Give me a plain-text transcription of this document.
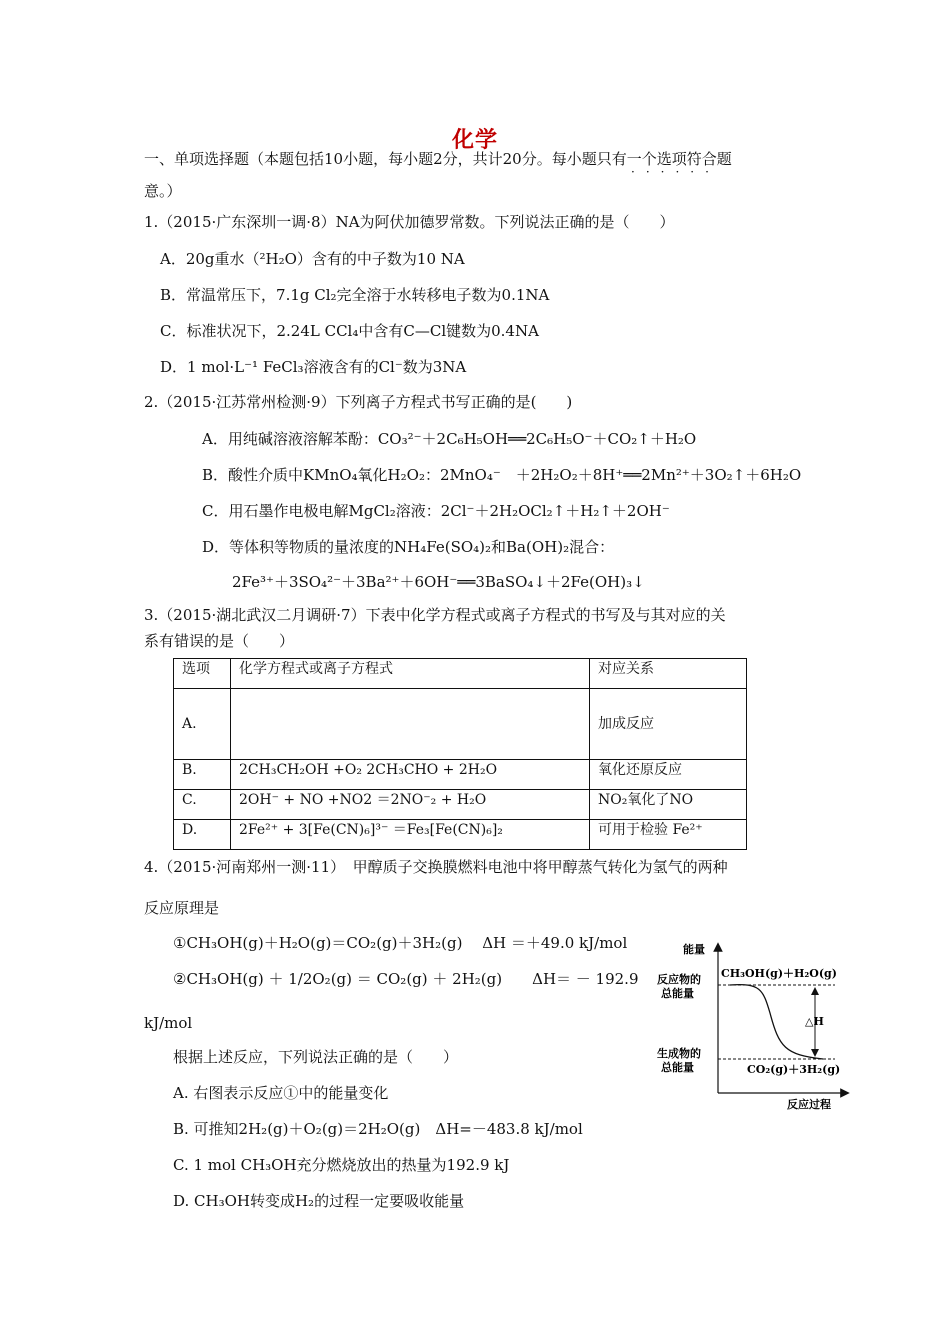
化学
一、单项选择题（本题包括10小题，每小题2分，共计20分。每小题只有一个选项符合题
······
意。）
1.（2015·广东深圳一调·8）NA为阿伏加德罗常数。下列说法正确的是（　　）
A．20g重水（²H₂O）含有的中子数为10 NA
B．常温常压下，7.1g Cl₂完全溶于水转移电子数为0.1NA
C．标准状况下，2.24L CCl₄中含有C—Cl键数为0.4NA
D．1 mol·L⁻¹ FeCl₃溶液含有的Cl⁻数为3NA
2.（2015·江苏常州检测·9）下列离子方程式书写正确的是(　　)
A．用纯碱溶液溶解苯酚：CO₃²⁻＋2C₆H₅OH══2C₆H₅O⁻＋CO₂↑＋H₂O
B．酸性介质中KMnO₄氧化H₂O₂：2MnO₄⁻　＋2H₂O₂＋8H⁺══2Mn²⁺＋3O₂↑＋6H₂O
C．用石墨作电极电解MgCl₂溶液：2Cl⁻＋2H₂OCl₂↑＋H₂↑＋2OH⁻
D．等体积等物质的量浓度的NH₄Fe(SO₄)₂和Ba(OH)₂混合：
2Fe³⁺＋3SO₄²⁻＋3Ba²⁺＋6OH⁻══3BaSO₄↓＋2Fe(OH)₃↓
3.（2015·湖北武汉二月调研·7）下表中化学方程式或离子方程式的书写及与其对应的关
系有错误的是（　　）
选项	化学方程式或离子方程式	对应关系
A.		加成反应
B.	2CH₃CH₂OH +O₂ 2CH₃CHO + 2H₂O	氧化还原反应
C.	2OH⁻ + NO +NO2 ＝2NO⁻₂ + H₂O	NO₂氧化了NO
D.	2Fe²⁺ + 3[Fe(CN)₆]³⁻ ＝Fe₃[Fe(CN)₆]₂	可用于检验 Fe²⁺
4.（2015·河南郑州一测·11）　甲醇质子交换膜燃料电池中将甲醇蒸气转化为氢气的两种
反应原理是
①CH₃OH(g)＋H₂O(g)＝CO₂(g)＋3H₂(g)　 ΔH ＝＋49.0 kJ/mol
②CH₃OH(g) ＋ 1/2O₂(g) ＝ CO₂(g) ＋ 2H₂(g)　　ΔH＝ － 192.9
kJ/mol
根据上述反应，下列说法正确的是（　　）
A. 右图表示反应①中的能量变化
B. 可推知2H₂(g)＋O₂(g)＝2H₂O(g)　ΔH=－483.8 kJ/mol
C. 1 mol CH₃OH充分燃烧放出的热量为192.9 kJ
D. CH₃OH转变成H₂的过程一定要吸收能量
能量
反应物的
总能量
生成物的
总能量
CH₃OH(g)＋H₂O(g)
CO₂(g)＋3H₂(g)
△H
反应过程
